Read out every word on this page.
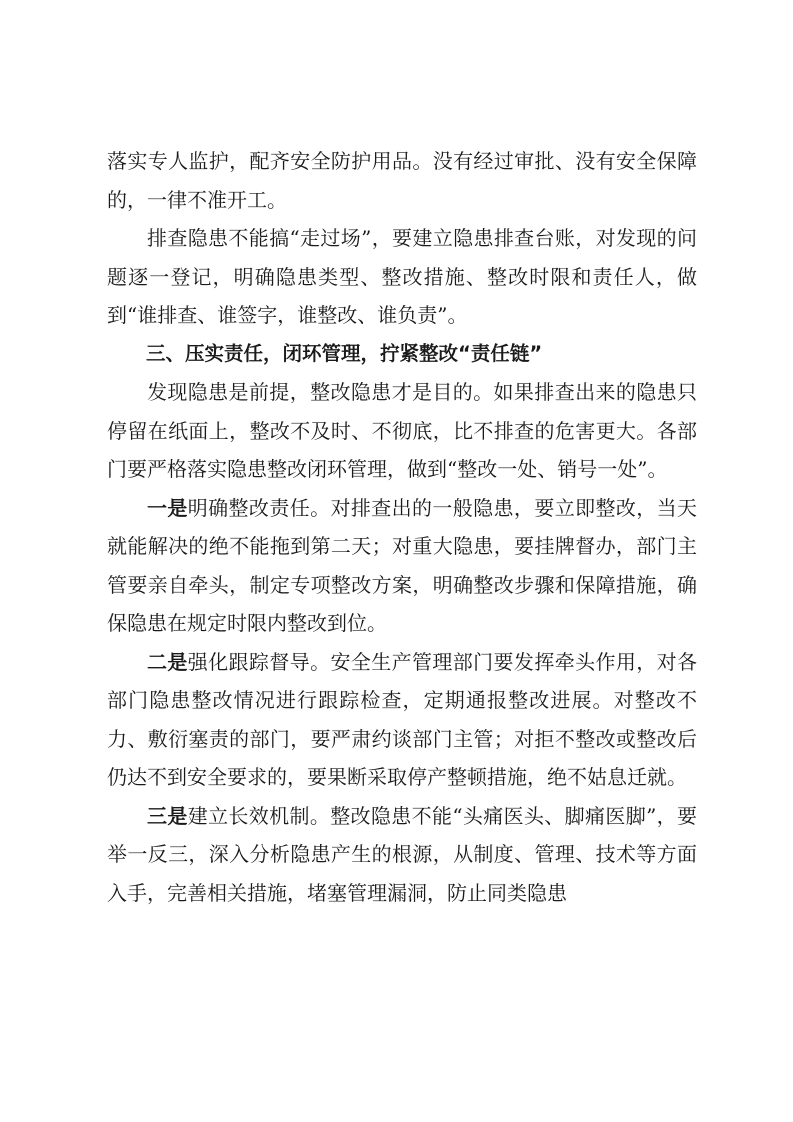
落实专人监护，配齐安全防护用品。没有经过审批、没有安全保障的，一律不准开工。

排查隐患不能搞“走过场”，要建立隐患排查台账，对发现的问题逐一登记，明确隐患类型、整改措施、整改时限和责任人，做到“谁排查、谁签字，谁整改、谁负责”。

三、压实责任，闭环管理，拧紧整改“责任链”

发现隐患是前提，整改隐患才是目的。如果排查出来的隐患只停留在纸面上，整改不及时、不彻底，比不排查的危害更大。各部门要严格落实隐患整改闭环管理，做到“整改一处、销号一处”。

一是明确整改责任。对排查出的一般隐患，要立即整改，当天就能解决的绝不能拖到第二天；对重大隐患，要挂牌督办，部门主管要亲自牵头，制定专项整改方案，明确整改步骤和保障措施，确保隐患在规定时限内整改到位。

二是强化跟踪督导。安全生产管理部门要发挥牵头作用，对各部门隐患整改情况进行跟踪检查，定期通报整改进展。对整改不力、敷衍塞责的部门，要严肃约谈部门主管；对拒不整改或整改后仍达不到安全要求的，要果断采取停产整顿措施，绝不姑息迁就。

三是建立长效机制。整改隐患不能“头痛医头、脚痛医脚”，要举一反三，深入分析隐患产生的根源，从制度、管理、技术等方面入手，完善相关措施，堵塞管理漏洞，防止同类隐患
